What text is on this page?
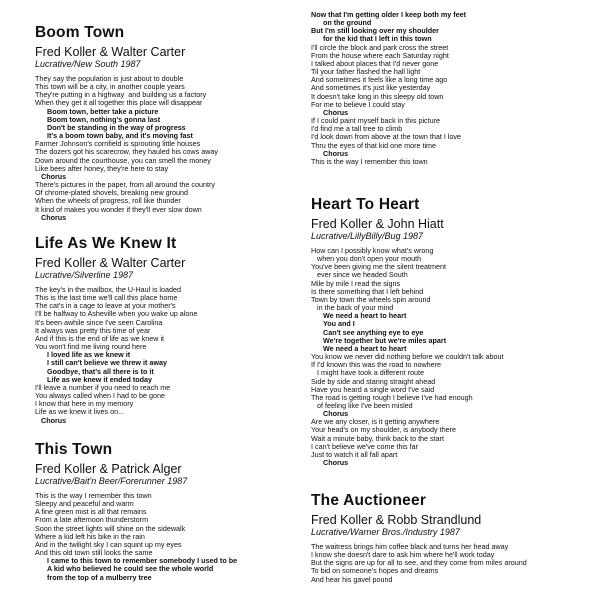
Boom Town
Fred Koller & Walter Carter
Lucrative/New South 1987
They say the population is just about to double
This town will be a city, in another couple years
They're putting in a highway  and building us a factory
When they get it all together this place will disappear
Boom town, better take a picture
Boom town, nothing's gonna last
Don't be standing in the way of progress
It's a boom town baby, and it's moving fast
Farmer Johnson's cornfield is sprouting little houses
The dozers got his scarecrow, they hauled his cows away
Down around the courthouse, you can smell the money
Like bees after honey, they're here to stay
Chorus
There's pictures in the paper, from all around the country
Of chrome-plated shovels, breaking new ground
When the wheels of progress, roll like thunder
It kind of makes you wonder if they'll ever slow down
Chorus
Life As We Knew It
Fred Koller & Walter Carter
Lucrative/Silverline 1987
The key's in the mailbox, the U-Haul is loaded
This is the last time we'll call this place home
The cat's in a cage to leave at your mother's
I'll be halfway to Asheville when you wake up alone
It's been awhile since I've seen Carolina
It always was pretty this time of year
And if this is the end of life as we knew it
You won't find me living round here
I loved life as we knew it
I still can't believe we threw it away
Goodbye, that's all there is to it
Life as we knew it ended today
I'll leave a number if you need to reach me
You always called when I had to be gone
I know that here in my memory
Life as we knew it lives on...
Chorus
This Town
Fred Koller & Patrick Alger
Lucrative/Bait'n Beer/Forerunner 1987
This is the way I remember this town
Sleepy and peaceful and warm
A fine green mist is all that remains
From a late afternoon thunderstorm
Soon the street lights will shine on the sidewalk
Where a kid left his bike in the rain
And in the twilight sky I can squint up my eyes
And this old town still looks the same
I came to this town to remember somebody I used to be
A kid who believed he could see the whole world
from the top of a mulberry tree
Now that I'm getting older I keep both my feet
on the ground
But I'm still looking over my shoulder
for the kid that I left in this town
I'll circle the block and park cross the street
From the house where each Saturday night
I talked about places that I'd never gone
Til your father flashed the hall light
And sometimes it feels like a long time ago
And sometimes it's just like yesterday
It doesn't take long in this sleepy old town
For me to believe I could stay
Chorus
If I could paint myself back in this picture
I'd find me a tall tree to climb
I'd look down from above at the town that I love
Thru the eyes of that kid one more time
Chorus
This is the way I remember this town
Heart To Heart
Fred Koller & John Hiatt
Lucrative/LillyBilly/Bug 1987
How can I possibly know what's wrong
when you don't open your mouth
You've been giving me the silent treatment
ever since we headed South
Mile by mile I read the signs
Is there something that I left behind
Town by town the wheels spin around
in the back of your mind
We need a heart to heart
You and I
Can't see anything eye to eye
We're together but we're miles apart
We need a heart to heart
You know we never did nothing before we couldn't talk about
If I'd known this was the road to nowhere
I might have took a different route
Side by side and staring straight ahead
Have you heard a single word I've said
The road is getting rough I believe I've had enough
of feeling like I've been misled
Chorus
Are we any closer, is it getting anywhere
Your head's on my shoulder, is anybody there
Wait a minute baby, think back to the start
I can't believe we've come this far
Just to watch it all fall apart
Chorus
The Auctioneer
Fred Koller & Robb Strandlund
Lucrative/Warner Bros./Industry 1987
The waitress brings him coffee black and turns her head away
I know she doesn't dare to ask him where he'll work today
But the signs are up for all to see, and they come from miles around
To bid on someone's hopes and dreams
And hear his gavel pound
